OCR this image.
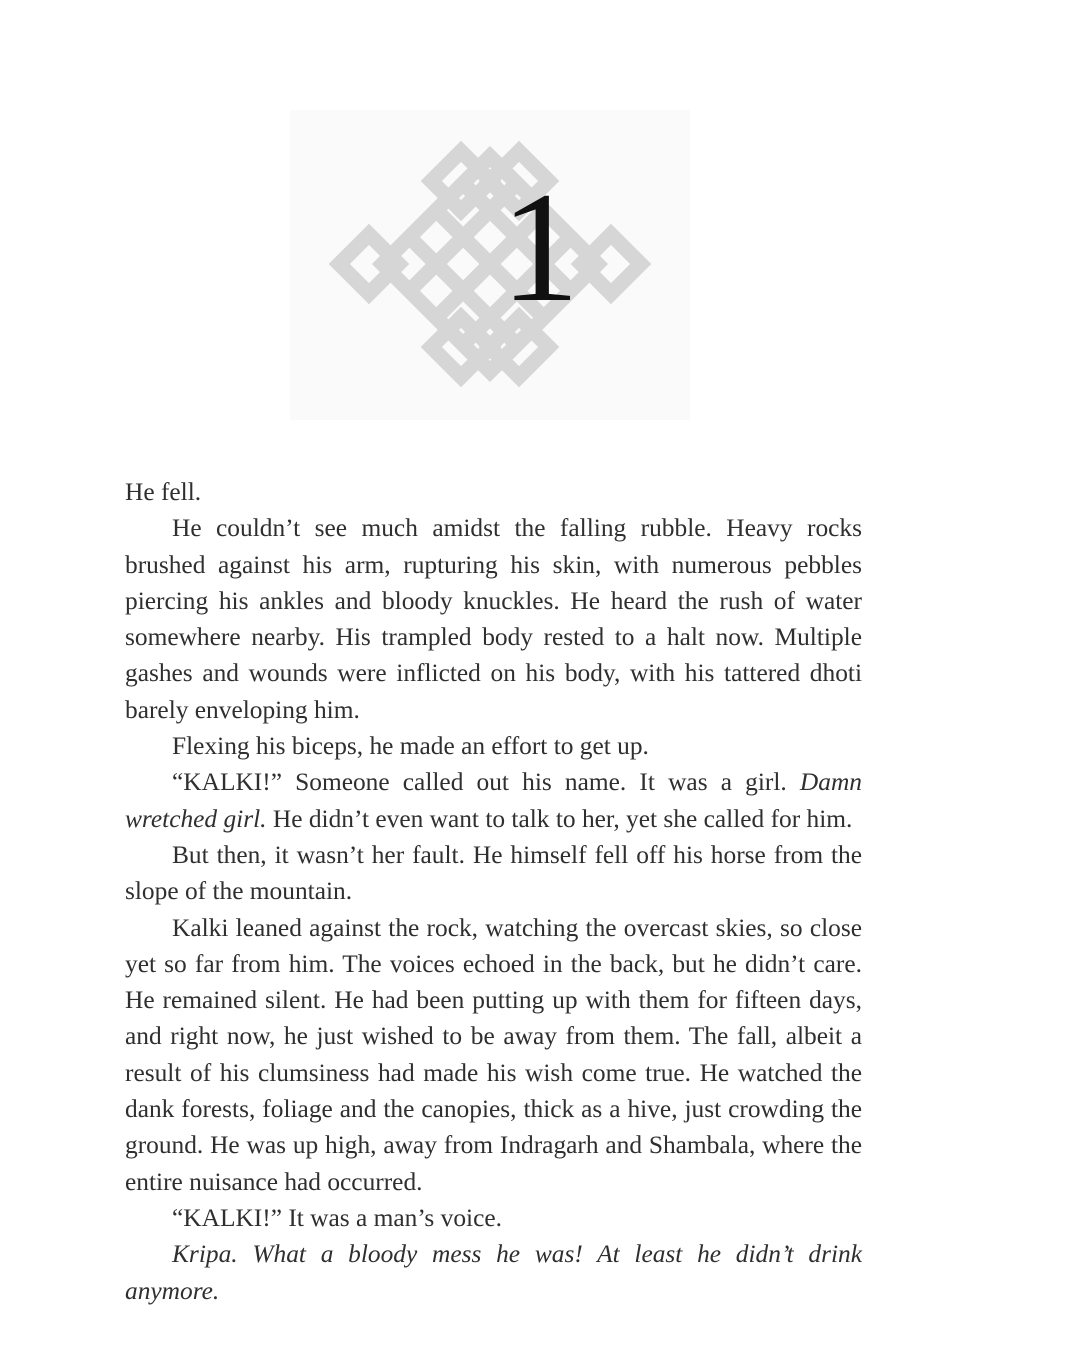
1

He fell.

He couldn’t see much amidst the falling rubble. Heavy rocks brushed against his arm, rupturing his skin, with numerous pebbles piercing his ankles and bloody knuckles. He heard the rush of water somewhere nearby. His trampled body rested to a halt now. Multiple gashes and wounds were inflicted on his body, with his tattered dhoti barely enveloping him.

Flexing his biceps, he made an effort to get up.

“KALKI!” Someone called out his name. It was a girl. Damn wretched girl. He didn’t even want to talk to her, yet she called for him.

But then, it wasn’t her fault. He himself fell off his horse from the slope of the mountain.

Kalki leaned against the rock, watching the overcast skies, so close yet so far from him. The voices echoed in the back, but he didn’t care. He remained silent. He had been putting up with them for fifteen days, and right now, he just wished to be away from them. The fall, albeit a result of his clumsiness had made his wish come true. He watched the dank forests, foliage and the canopies, thick as a hive, just crowding the ground. He was up high, away from Indragarh and Shambala, where the entire nuisance had occurred.

“KALKI!” It was a man’s voice.

Kripa. What a bloody mess he was! At least he didn’t drink anymore.
